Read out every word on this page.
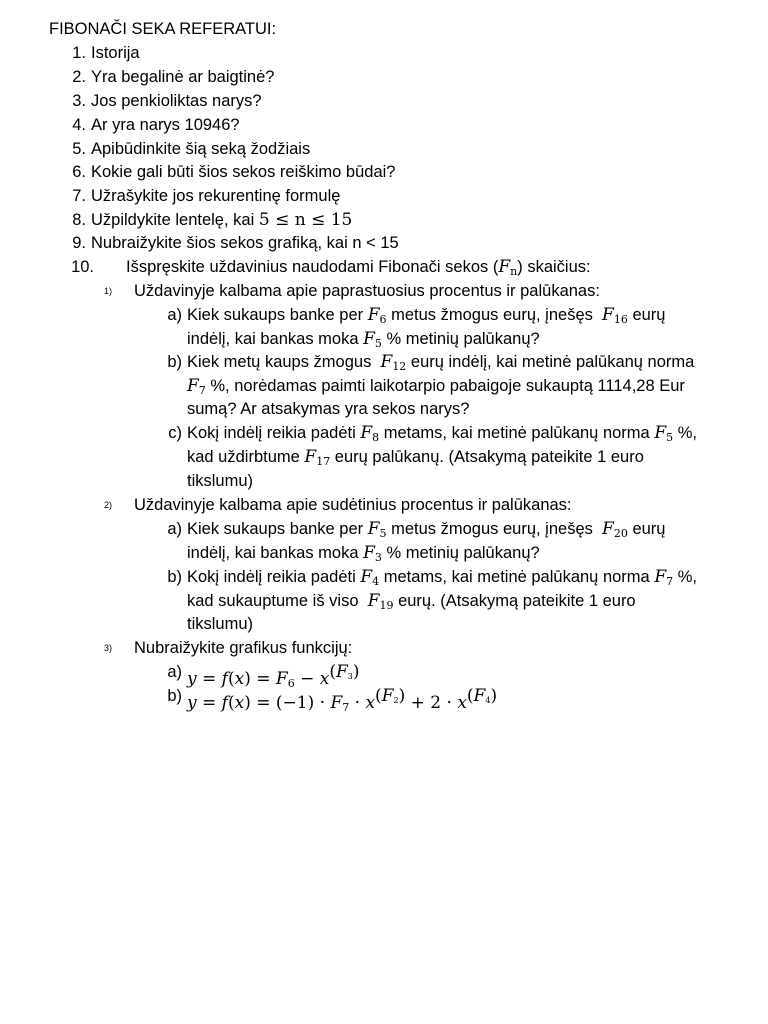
FIBONAČI SEKA REFERATUI:
1. Istorija
2. Yra begalinė ar baigtinė?
3. Jos penkioliktas narys?
4. Ar yra narys 10946?
5. Apibūdinkite šią seką žodžiais
6. Kokie gali būti šios sekos reiškimo būdai?
7. Užrašykite jos rekurentinę formulę
8. Užpildykite lentelę, kai 5 ≤ n ≤ 15
9. Nubraižykite šios sekos grafiką, kai n < 15
10. Išspręskite uždavinius naudodami Fibonači sekos $(F_n)$ skaičius:
1) Uždavinyje kalbama apie paprastuosius procentus ir palūkanas:
a) Kiek sukaups banke per $F_6$ metus žmogus eurų, įnešęs $F_{16}$ eurų
indėlį, kai bankas moka $F_5$ % metinių palūkanų?
b) Kiek metų kaups žmogus $F_{12}$ eurų indėlį, kai metinė palūkanų norma
$F_7$ %, norėdamas paimti laikotarpio pabaigoje sukauptą 1114,28 Eur
sumą? Ar atsakymas yra sekos narys?
c) Kokį indėlį reikia padėti $F_8$ metams, kai metinė palūkanų norma $F_5$ %,
kad uždirbtume $F_{17}$ eurų palūkanų. (Atsakymą pateikite 1 euro
tikslumu)
2) Uždavinyje kalbama apie sudėtinius procentus ir palūkanas:
a) Kiek sukaups banke per $F_5$ metus žmogus eurų, įnešęs $F_{20}$ eurų
indėlį, kai bankas moka $F_3$ % metinių palūkanų?
b) Kokį indėlį reikia padėti $F_4$ metams, kai metinė palūkanų norma $F_7$ %,
kad sukauptume iš viso $F_{19}$ eurų. (Atsakymą pateikite 1 euro
tikslumu)
3) Nubraižykite grafikus funkcijų:
a) $y = f(x) = F_6 - x^{(F_3)}$
b) $y = f(x) = (-1) \cdot F_7 \cdot x^{(F_2)} + 2 \cdot x^{(F_4)}$
